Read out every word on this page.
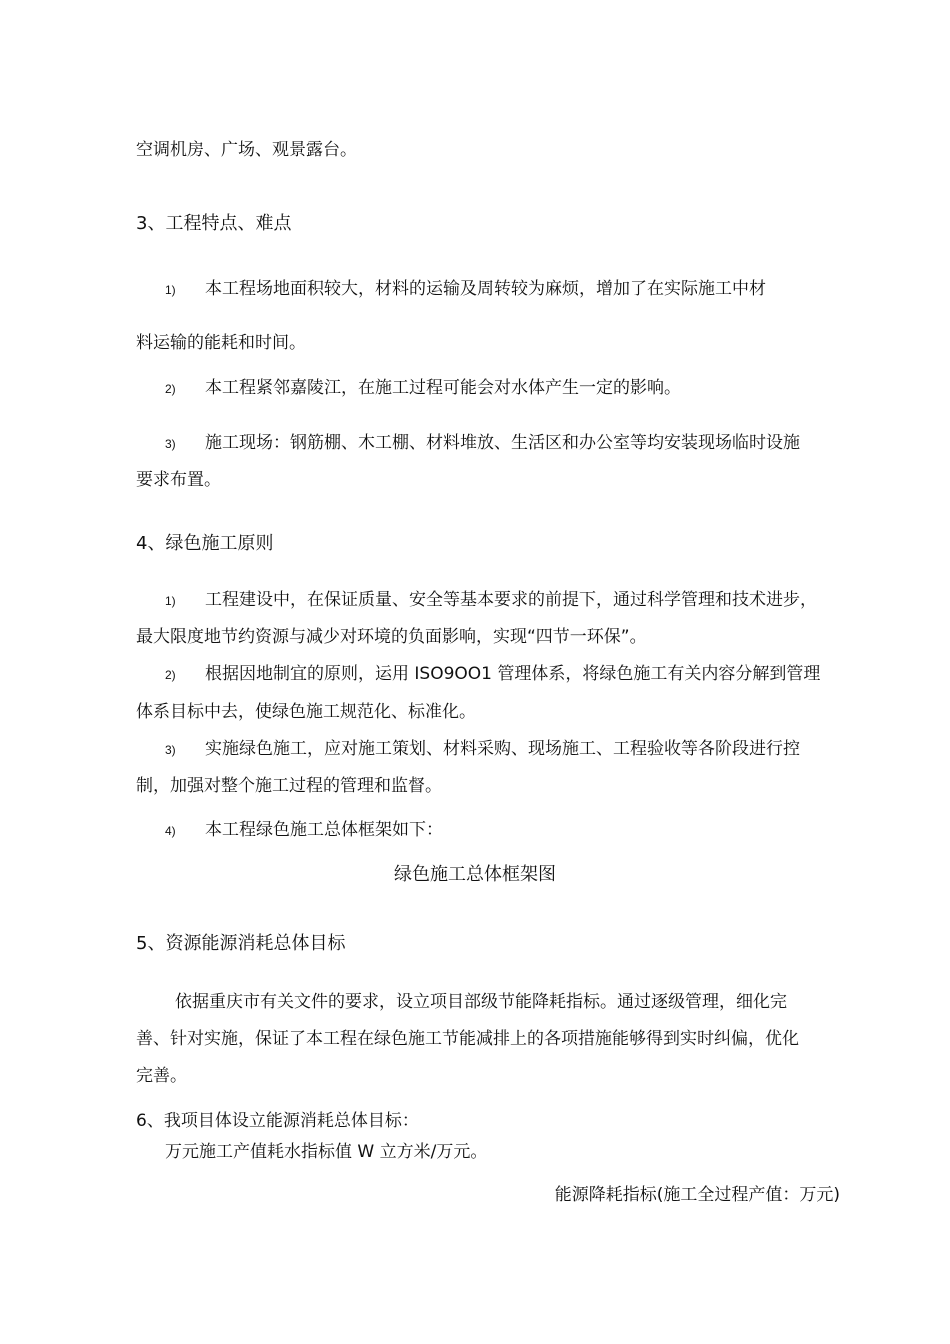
空调机房、广场、观景露台。
3、工程特点、难点
1) 本工程场地面积较大，材料的运输及周转较为麻烦，增加了在实际施工中材
料运输的能耗和时间。
2) 本工程紧邻嘉陵江，在施工过程可能会对水体产生一定的影响。
3) 施工现场：钢筋棚、木工棚、材料堆放、生活区和办公室等均安装现场临时设施
要求布置。
4、绿色施工原则
1) 工程建设中，在保证质量、安全等基本要求的前提下，通过科学管理和技术进步，
最大限度地节约资源与减少对环境的负面影响，实现“四节一环保”。
2) 根据因地制宜的原则，运用 ISO9OO1 管理体系，将绿色施工有关内容分解到管理
体系目标中去，使绿色施工规范化、标准化。
3) 实施绿色施工，应对施工策划、材料采购、现场施工、工程验收等各阶段进行控
制，加强对整个施工过程的管理和监督。
4) 本工程绿色施工总体框架如下：
绿色施工总体框架图
5、资源能源消耗总体目标
依据重庆市有关文件的要求，设立项目部级节能降耗指标。通过逐级管理，细化完
善、针对实施，保证了本工程在绿色施工节能减排上的各项措施能够得到实时纠偏，优化
完善。
6、我项目体设立能源消耗总体目标：
万元施工产值耗水指标值 W 立方米/万元。
能源降耗指标(施工全过程产值：万元)
